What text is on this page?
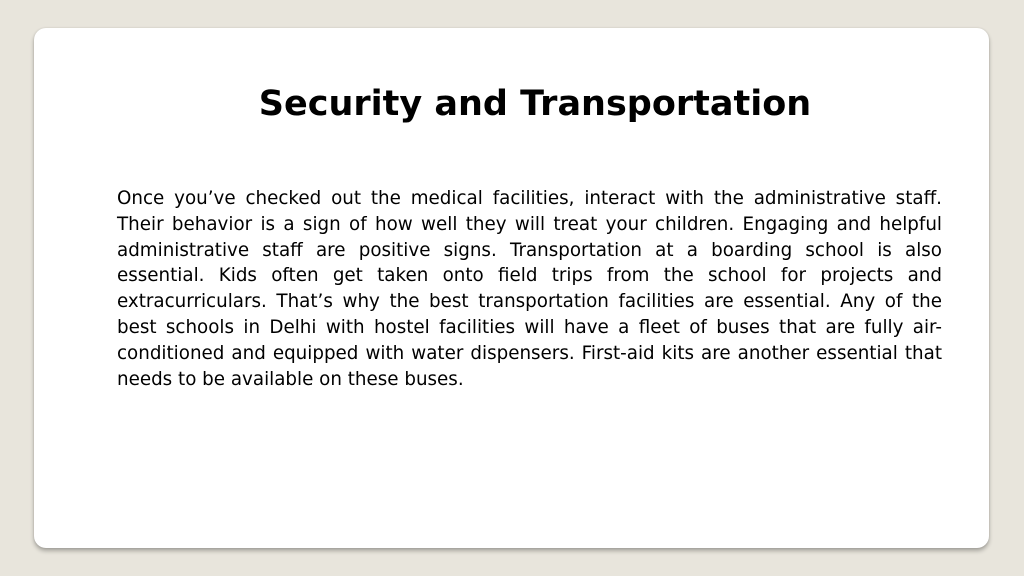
Security and Transportation

Once you’ve checked out the medical facilities, interact with the administrative staff. Their behavior is a sign of how well they will treat your children. Engaging and helpful administrative staff are positive signs. Transportation at a boarding school is also essential. Kids often get taken onto field trips from the school for projects and extracurriculars. That’s why the best transportation facilities are essential. Any of the best schools in Delhi with hostel facilities will have a fleet of buses that are fully air-conditioned and equipped with water dispensers. First-aid kits are another essential that needs to be available on these buses.
